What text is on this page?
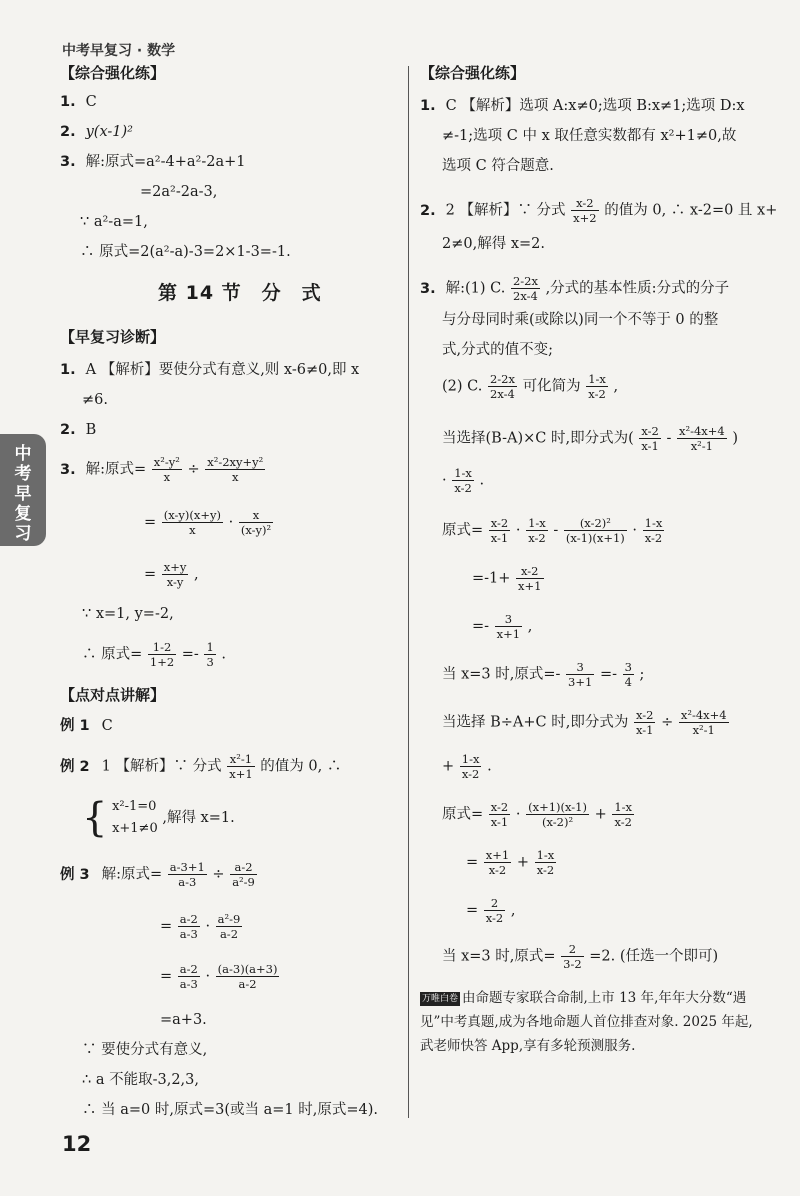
中考早复习 · 数学
中考早复习
12
【综合强化练】
1. C
2. y(x-1)²
3. 解:原式=a²-4+a²-2a+1
=2a²-2a-3,
∵ a²-a=1,
∴ 原式=2(a²-a)-3=2×1-3=-1.
第 14 节　分　式
【早复习诊断】
1. A 【解析】要使分式有意义,则 x-6≠0,即 x
≠6.
2. B
3. 解:原式= $\frac{\text{x²-y²}}{x} \div \frac{\text{x²-2xy+y²}}{x}$
= $\frac{(x-y)(x+y)}{x} \cdot \frac{x}{\text{(x-y)²}}$
= $\frac{x+y}{x-y}$ ,
∵ x=1, y=-2,
∴ 原式= $\frac{1-2}{1+2} =- \frac{1}{3}$ .
【点对点讲解】
例 1 C
例 2 1 【解析】∵ 分式 $\frac{\text{x²-1}}{x+1}$ 的值为 0, ∴
{ x²-1=0
x+1≠0
,解得 x=1.
例 3 解:原式= $\frac{a-3+1}{a-3} \div \frac{a-2}{\text{a²-9}}$
= $\frac{a-2}{a-3} \cdot \frac{\text{a²-9}}{a-2}$
= $\frac{a-2}{a-3} \cdot \frac{(a-3)(a+3)}{a-2}$
=a+3.
∵ 要使分式有意义,
∴ a 不能取-3,2,3,
∴ 当 a=0 时,原式=3(或当 a=1 时,原式=4).
【综合强化练】
1. C 【解析】选项 A:x≠0;选项 B:x≠1;选项 D:x
≠-1;选项 C 中 x 取任意实数都有 x²+1≠0,故
选项 C 符合题意.
2. 2 【解析】∵ 分式 $\frac{x-2}{x+2}$ 的值为 0, ∴ x-2=0 且 x+
2≠0,解得 x=2.
3. 解:(1) C. $\frac{2-2x}{2x-4}$ ,分式的基本性质:分式的分子
与分母同时乘(或除以)同一个不等于 0 的整
式,分式的值不变;
(2) C. $\frac{2-2x}{2x-4}$ 可化简为 $\frac{1-x}{x-2}$ ,
当选择(B-A)×C 时,即分式为( $\frac{x-2}{x-1} - \frac{\text{x²-4x+4}}{\text{x²-1}}$ )
· $\frac{1-x}{x-2}$ .
原式= $\frac{x-2}{x-1} \cdot \frac{1-x}{x-2} - \frac{\text{(x-2)²}}{(x-1)(x+1)} \cdot \frac{1-x}{x-2}$
$=-1+ \frac{x-2}{x+1}$
=- $\frac{3}{x+1}$ ,
当 x=3 时,原式=- $\frac{3}{3+1} =- \frac{3}{4}$ ;
当选择 B÷A+C 时,即分式为 $\frac{x-2}{x-1} \div \frac{\text{x²-4x+4}}{\text{x²-1}}$
+ $\frac{1-x}{x-2}$ .
原式= $\frac{x-2}{x-1} \cdot \frac{(x+1)(x-1)}{\text{(x-2)²}} + \frac{1-x}{x-2}$
= $\frac{x+1}{x-2} + \frac{1-x}{x-2}$
= $\frac{2}{x-2}$ ,
当 x=3 时,原式= $\frac{2}{3-2} =2$. (任选一个即可)
万唯白卷 由命题专家联合命制,上市 13 年,年年大分数“遇见”中考真题,成为各地命题人首位排查对象. 2025 年起,武老师快答 App,享有多轮预测服务.
